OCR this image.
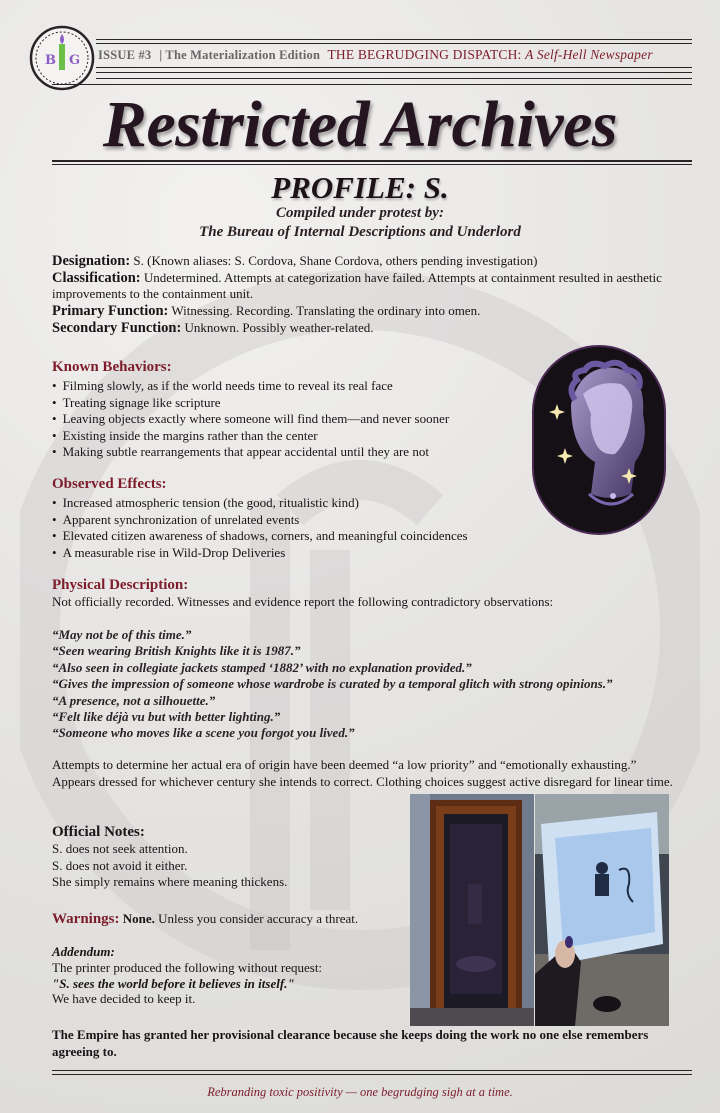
B G ISSUE #3 | The Materialization Edition THE BEGRUDGING DISPATCH: A Self-Hell Newspaper
Restricted Archives
PROFILE: S.
Compiled under protest by:
The Bureau of Internal Descriptions and Underlord

Designation: S. (Known aliases: S. Cordova, Shane Cordova, others pending investigation)

Classification: Undetermined. Attempts at categorization have failed. Attempts at containment resulted in aesthetic improvements to the containment unit.

Primary Function: Witnessing. Recording. Translating the ordinary into omen.

Secondary Function: Unknown. Possibly weather-related.

Known Behaviors:
• Filming slowly, as if the world needs time to reveal its real face
• Treating signage like scripture
• Leaving objects exactly where someone will find them—and never sooner
• Existing inside the margins rather than the center
• Making subtle rearrangements that appear accidental until they are not
Observed Effects:
• Increased atmospheric tension (the good, ritualistic kind)
• Apparent synchronization of unrelated events
• Elevated citizen awareness of shadows, corners, and meaningful coincidences
• A measurable rise in Wild-Drop Deliveries
Physical Description:
Not officially recorded. Witnesses and evidence report the following contradictory observations:

“May not be of this time.”

“Seen wearing British Knights like it is 1987.”

“Also seen in collegiate jackets stamped ‘1882’ with no explanation provided.”

“Gives the impression of someone whose wardrobe is curated by a temporal glitch with strong opinions.”

“A presence, not a silhouette.”

“Felt like déjà vu but with better lighting.”

“Someone who moves like a scene you forgot you lived.”

Attempts to determine her actual era of origin have been deemed “a low priority” and “emotionally exhausting.” Appears dressed for whichever century she intends to correct. Clothing choices suggest active disregard for linear time.
Official Notes:

S. does not seek attention.

S. does not avoid it either.

She simply remains where meaning thickens.

Warnings: None. Unless you consider accuracy a threat.
Addendum:
The printer produced the following without request:
"S. sees the world before it believes in itself."
We have decided to keep it.
The Empire has granted her provisional clearance because she keeps doing the work no one else remembers agreeing to.
Rebranding toxic positivity — one begrudging sigh at a time.
